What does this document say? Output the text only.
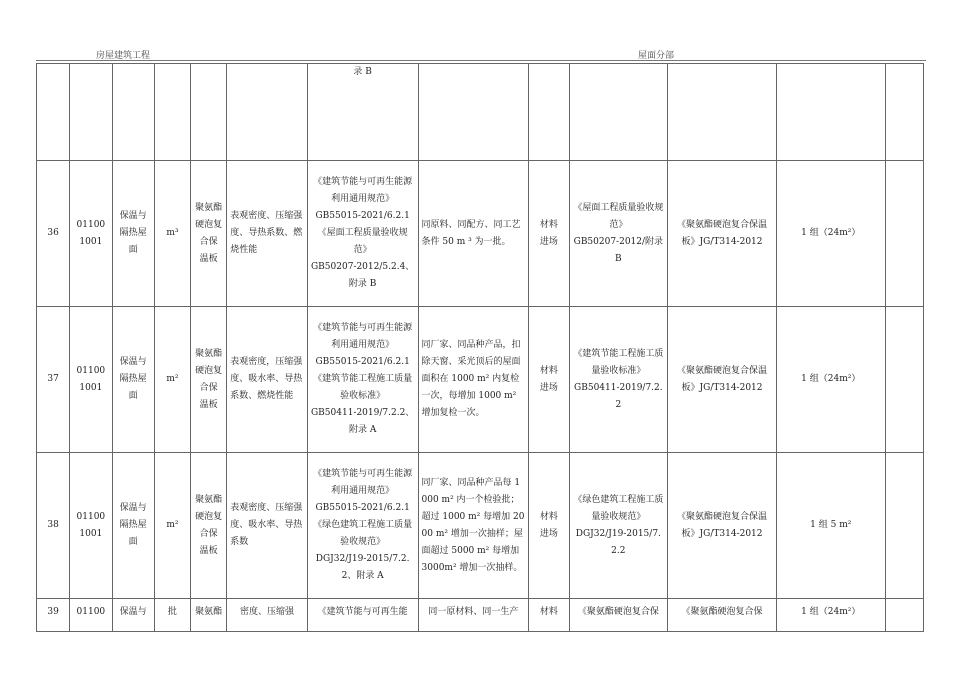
房屋建筑工程	屋面分部
						录 B						
36	01100
1001	保温与
隔热屋
面	m³	聚氨酯
硬泡复
合保
温板	表观密度、压缩强度、导热系数、燃烧性能	《建筑节能与可再生能源利用通用规范》
GB55015-2021/6.2.1
《屋面工程质量验收规范》
GB50207-2012/5.2.4、附录 B	同原料、同配方、同工艺条件 50 m ³ 为一批。	材料
进场	《屋面工程质量验收规范》
GB50207-2012/附录
B	《聚氨酯硬泡复合保温板》JG/T314-2012	1 组（24m²）	
37	01100
1001	保温与
隔热屋
面	m²	聚氨酯
硬泡复
合保
温板	表观密度，压缩强度、吸水率、导热系数、燃烧性能	《建筑节能与可再生能源利用通用规范》
GB55015-2021/6.2.1
《建筑节能工程施工质量验收标准》
GB50411-2019/7.2.2、附录 A	同厂家、同品种产品，扣除天窗、采光顶后的屋面面积在 1000 m² 内复检一次，每增加 1000 m² 增加复检一次。	材料
进场	《建筑节能工程施工质量验收标准》
GB50411-2019/7.2. 2	《聚氨酯硬泡复合保温板》JG/T314-2012	1 组（24m²）	
38	01100
1001	保温与
隔热屋
面	m²	聚氨酯
硬泡复
合保
温板	表观密度、压缩强度、吸水率、导热系数	《建筑节能与可再生能源利用通用规范》
GB55015-2021/6.2.1
《绿色建筑工程施工质量验收规范》
DGJ32/J19-2015/7.2.2、附录 A	同厂家、同品种产品每 1000 m² 内一个检验批；超过 1000 m² 每增加 2000 m² 增加一次抽样；屋面超过 5000 m² 每增加 3000m² 增加一次抽样。	材料
进场	《绿色建筑工程施工质量验收规范》
DGJ32/J19-2015/7.
2.2	《聚氨酯硬泡复合保温板》JG/T314-2012	1 组 5 m²	
39	01100	保温与	批	聚氨酯	密度、压缩强	《建筑节能与可再生能	同一原材料、同一生产	材料	《聚氨酯硬泡复合保	《聚氨酯硬泡复合保	1 组（24m²）	
